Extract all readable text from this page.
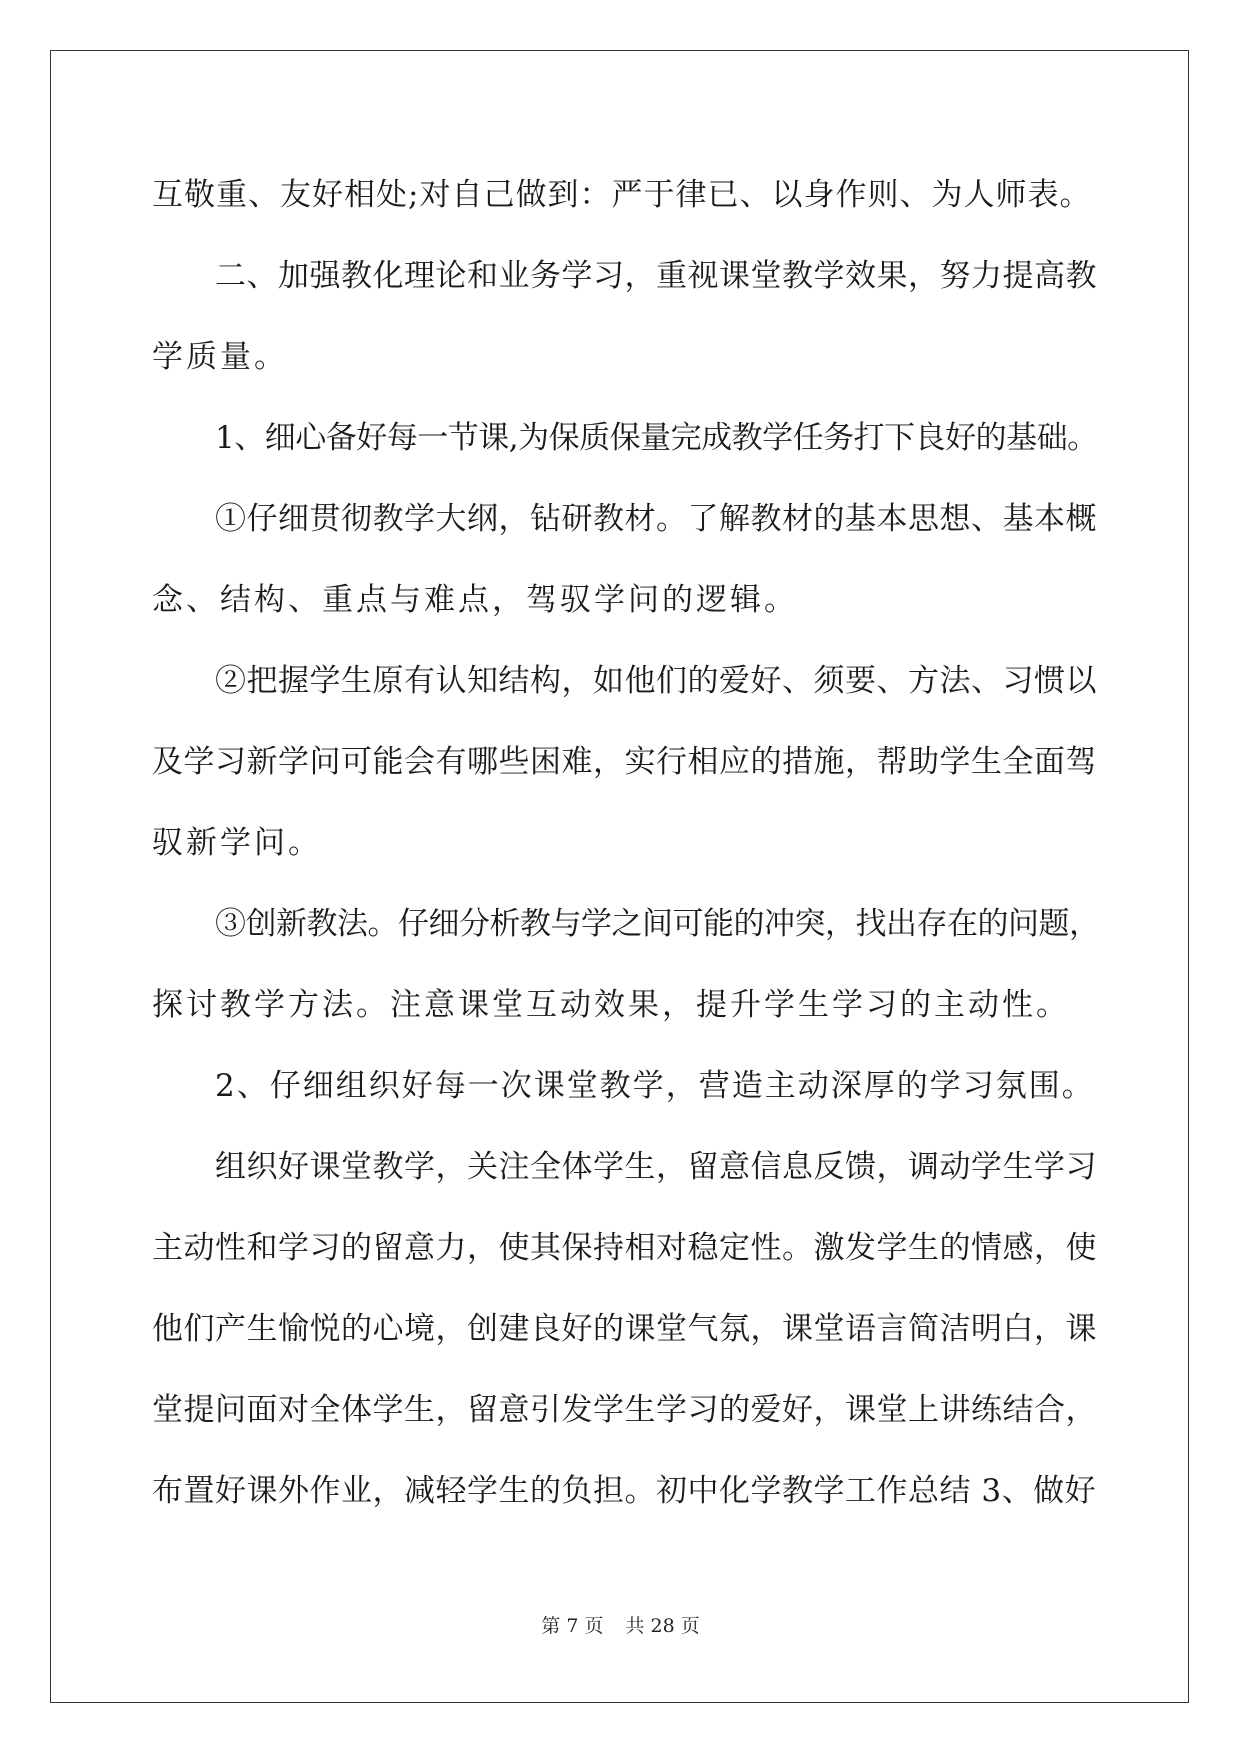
互敬重、友好相处;对自己做到：严于律已、以身作则、为人师表。
二、加强教化理论和业务学习，重视课堂教学效果，努力提高教
学质量。
1、细心备好每一节课,为保质保量完成教学任务打下良好的基础。
①仔细贯彻教学大纲，钻研教材。了解教材的基本思想、基本概
念、结构、重点与难点，驾驭学问的逻辑。
②把握学生原有认知结构，如他们的爱好、须要、方法、习惯以
及学习新学问可能会有哪些困难，实行相应的措施，帮助学生全面驾
驭新学问。
③创新教法。仔细分析教与学之间可能的冲突，找出存在的问题，
探讨教学方法。注意课堂互动效果，提升学生学习的主动性。
2、仔细组织好每一次课堂教学，营造主动深厚的学习氛围。
组织好课堂教学，关注全体学生，留意信息反馈，调动学生学习
主动性和学习的留意力，使其保持相对稳定性。激发学生的情感，使
他们产生愉悦的心境，创建良好的课堂气氛，课堂语言简洁明白，课
堂提问面对全体学生，留意引发学生学习的爱好，课堂上讲练结合，
布置好课外作业，减轻学生的负担。初中化学教学工作总结 3、做好
第 7 页 共 28 页
